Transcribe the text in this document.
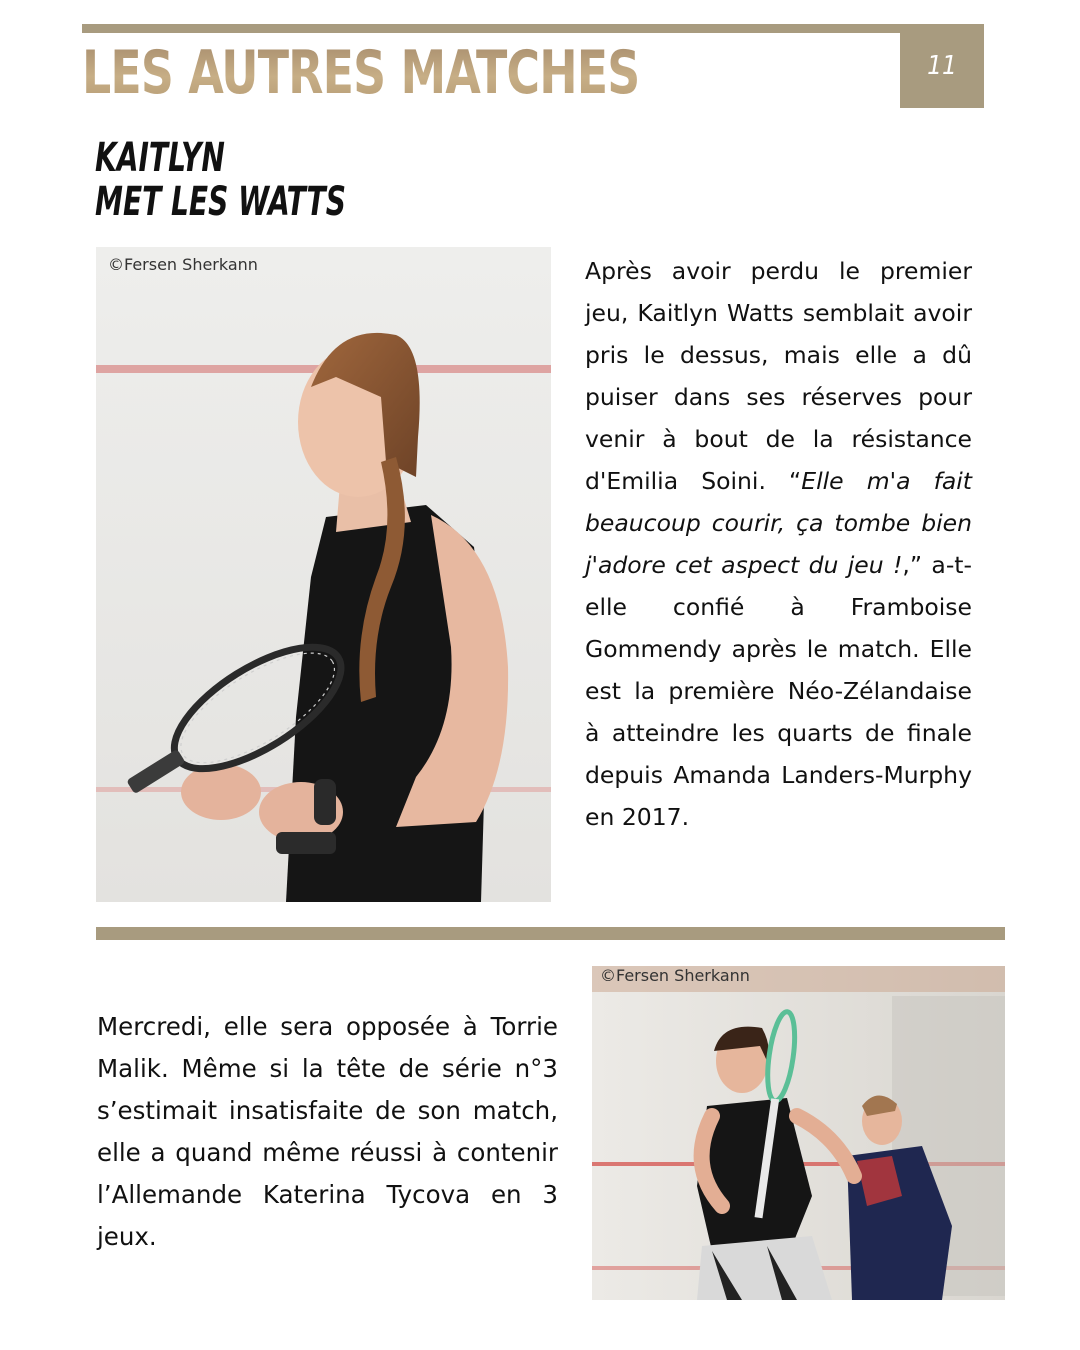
LES AUTRES MATCHES	11
KAITLYN
MET LES WATTS
©Fersen Sherkann	Après avoir perdu le premier jeu, Kaitlyn Watts semblait avoir pris le dessus, mais elle a dû puiser dans ses réserves pour venir à bout de la résistance d'Emilia Soini. “Elle m'a fait beaucoup courir, ça tombe bien j'adore cet aspect du jeu !,” a-t-elle confié à Framboise Gommendy après le match. Elle est la première Néo-Zélandaise à atteindre les quarts de finale depuis Amanda Landers-Murphy en 2017.

Mercredi, elle sera opposée à Torrie Malik. Même si la tête de série n°3 s’estimait insatisfaite de son match, elle a quand même réussi à contenir l’Allemande Katerina Tycova en 3 jeux.

©Fersen Sherkann
